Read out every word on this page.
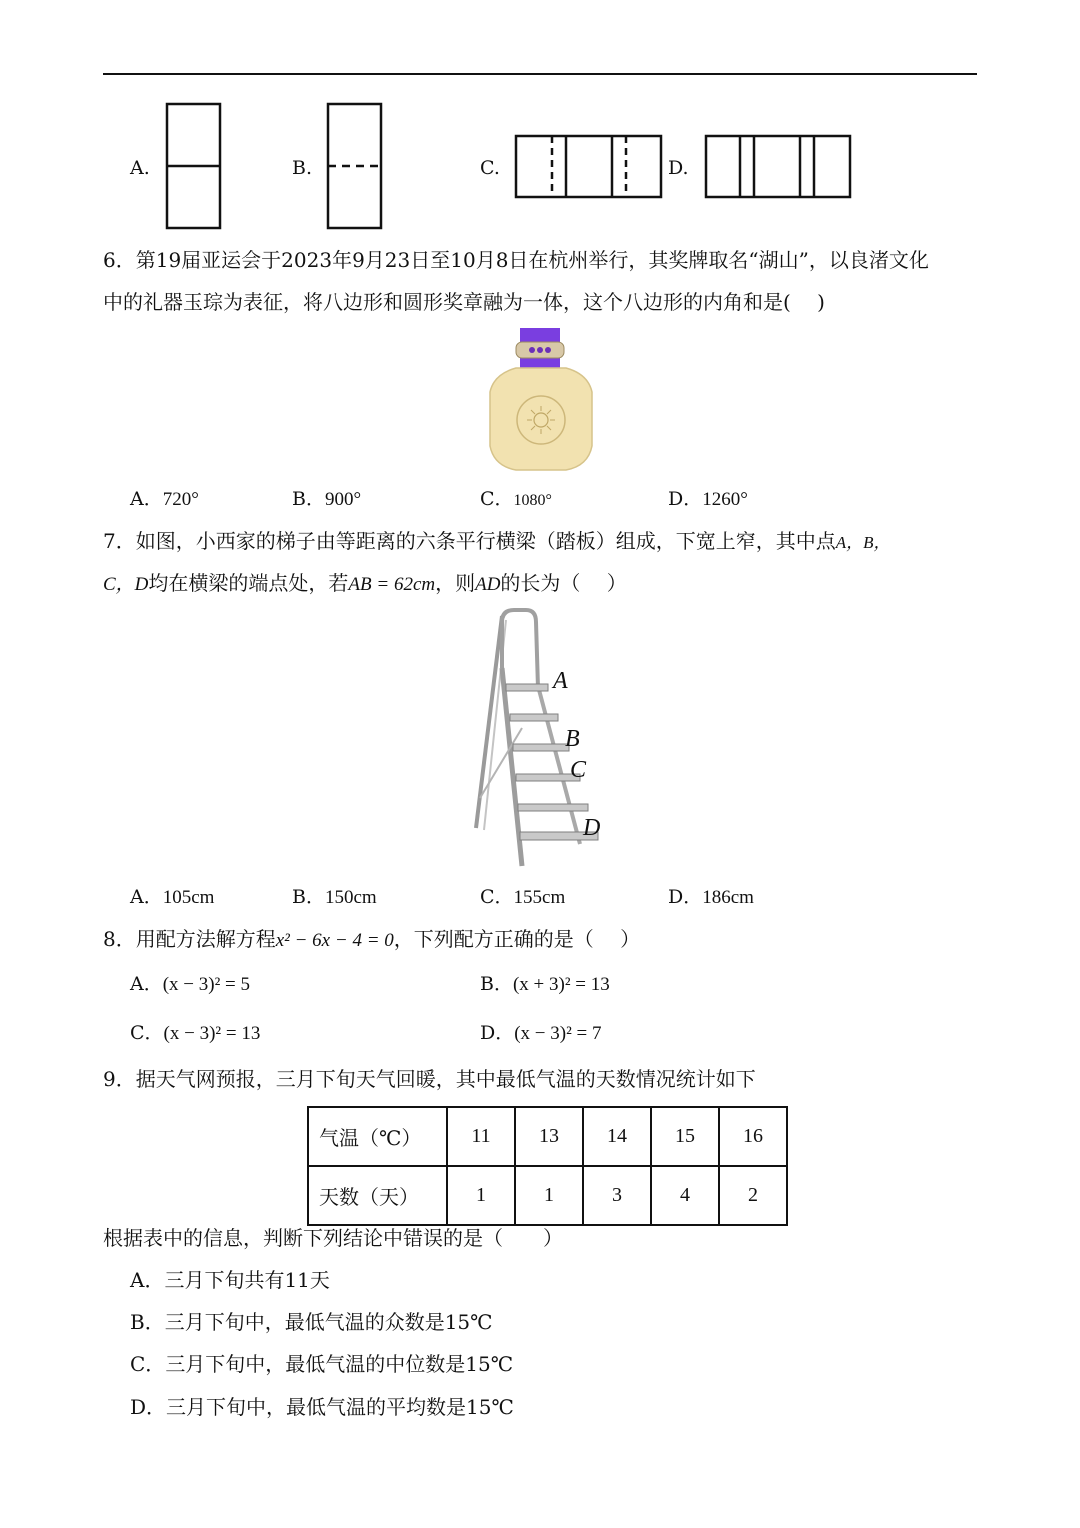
A.	B.	C.	D.
6．第19届亚运会于2023年9月23日至10月8日在杭州举行，其奖牌取名“湖山”，以良渚文化
中的礼器玉琮为表征，将八边形和圆形奖章融为一体，这个八边形的内角和是(　 )
A．720°	B．900°	C．1080°	D．1260°
7．如图，小西家的梯子由等距离的六条平行横梁（踏板）组成，下宽上窄，其中点A，B，
C，D均在横梁的端点处，若AB = 62cm，则AD的长为（　 ）
A
B
C
D
A．105cm	B．150cm	C．155cm	D．186cm
8．用配方法解方程x² − 6x − 4 = 0，下列配方正确的是（　 ）
A．(x − 3)² = 5	B．(x + 3)² = 13
C．(x − 3)² = 13	D．(x − 3)² = 7
9．据天气网预报，三月下旬天气回暖，其中最低气温的天数情况统计如下
气温（℃）	11	13	14	15	16
天数（天）	1	1	3	4	2
根据表中的信息，判断下列结论中错误的是（　　）
A．三月下旬共有11天
B．三月下旬中，最低气温的众数是15℃
C．三月下旬中，最低气温的中位数是15℃
D．三月下旬中，最低气温的平均数是15℃
